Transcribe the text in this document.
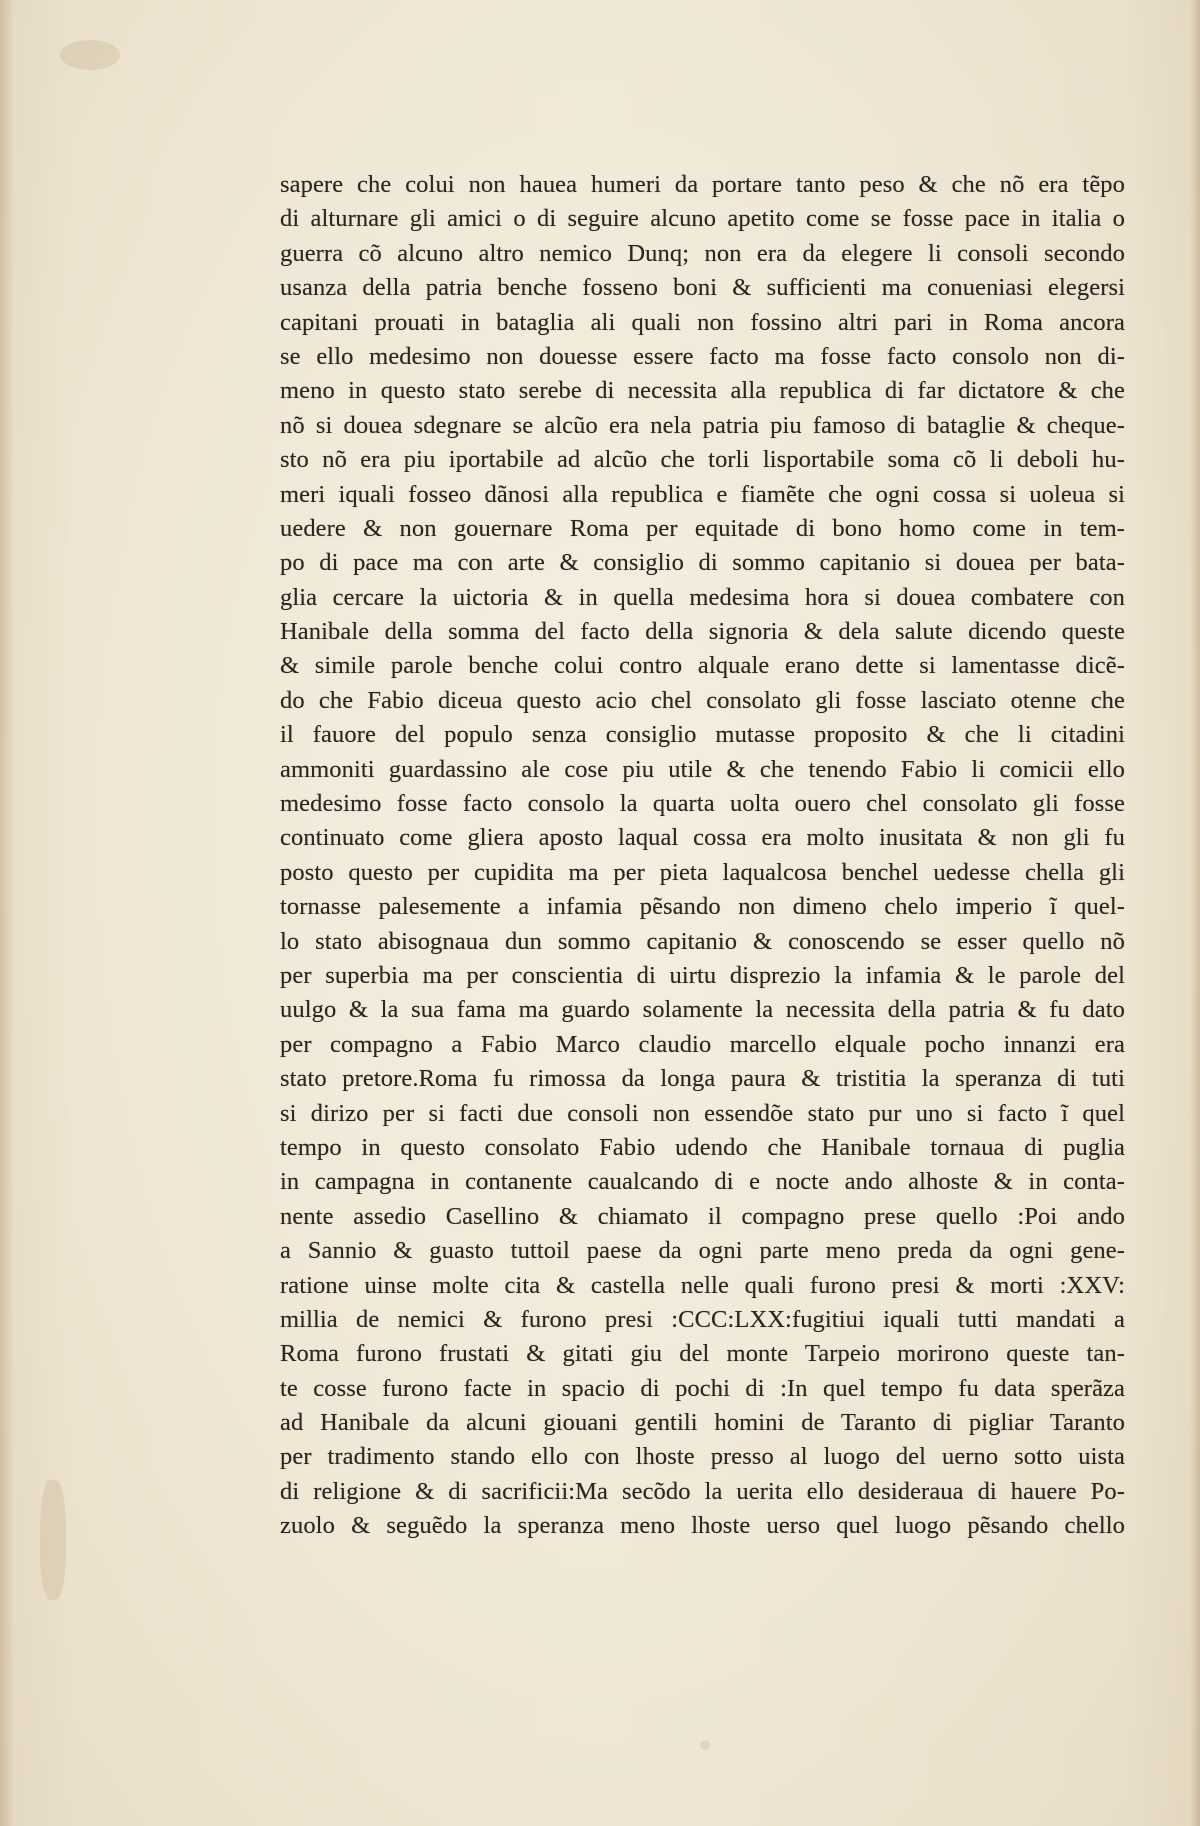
sapere che colui non hauea humeri da portare tanto peso & che nõ era tẽpo
di alturnare gli amici o di seguire alcuno apetito come se fosse pace in italia o
guerra cõ alcuno altro nemico Dunq; non era da elegere li consoli secondo
usanza della patria benche fosseno boni & sufficienti ma conueniasi elegersi
capitani prouati in bataglia ali quali non fossino altri pari in Roma ancora
se ello medesimo non douesse essere facto ma fosse facto consolo non di-
meno in questo stato serebe di necessita alla republica di far dictatore & che
nõ si douea sdegnare se alcũo era nela patria piu famoso di bataglie & cheque-
sto nõ era piu iportabile ad alcũo che torli lisportabile soma cõ li deboli hu-
meri iquali fosseo dãnosi alla republica e fiamẽte che ogni cossa si uoleua si
uedere & non gouernare Roma per equitade di bono homo come in tem-
po di pace ma con arte & consiglio di sommo capitanio si douea per bata-
glia cercare la uictoria & in quella medesima hora si douea combatere con
Hanibale della somma del facto della signoria & dela salute dicendo queste
& simile parole benche colui contro alquale erano dette si lamentasse dicẽ-
do che Fabio diceua questo acio chel consolato gli fosse lasciato otenne che
il fauore del populo senza consiglio mutasse proposito & che li citadini
ammoniti guardassino ale cose piu utile & che tenendo Fabio li comicii ello
medesimo fosse facto consolo la quarta uolta ouero chel consolato gli fosse
continuato come gliera aposto laqual cossa era molto inusitata & non gli fu
posto questo per cupidita ma per pieta laqualcosa benchel uedesse chella gli
tornasse palesemente a infamia pẽsando non dimeno chelo imperio ĩ quel-
lo stato abisognaua dun sommo capitanio & conoscendo se esser quello nõ
per superbia ma per conscientia di uirtu disprezio la infamia & le parole del
uulgo & la sua fama ma guardo solamente la necessita della patria & fu dato
per compagno a Fabio Marco claudio marcello elquale pocho innanzi era
stato pretore.Roma fu rimossa da longa paura & tristitia la speranza di tuti
si dirizo per si facti due consoli non essendõe stato pur uno si facto ĩ quel
tempo in questo consolato Fabio udendo che Hanibale tornaua di puglia
in campagna in contanente caualcando di e nocte ando alhoste & in conta-
nente assedio Casellino & chiamato il compagno prese quello :Poi ando
a Sannio & guasto tuttoil paese da ogni parte meno preda da ogni gene-
ratione uinse molte cita & castella nelle quali furono presi & morti :XXV:
millia de nemici & furono presi :CCC:LXX:fugitiui iquali tutti mandati a
Roma furono frustati & gitati giu del monte Tarpeio morirono queste tan-
te cosse furono facte in spacio di pochi di :In quel tempo fu data sperãza
ad Hanibale da alcuni giouani gentili homini de Taranto di pigliar Taranto
per tradimento stando ello con lhoste presso al luogo del uerno sotto uista
di religione & di sacrificii:Ma secõdo la uerita ello desideraua di hauere Po-
zuolo & seguẽdo la speranza meno lhoste uerso quel luogo pẽsando chello
